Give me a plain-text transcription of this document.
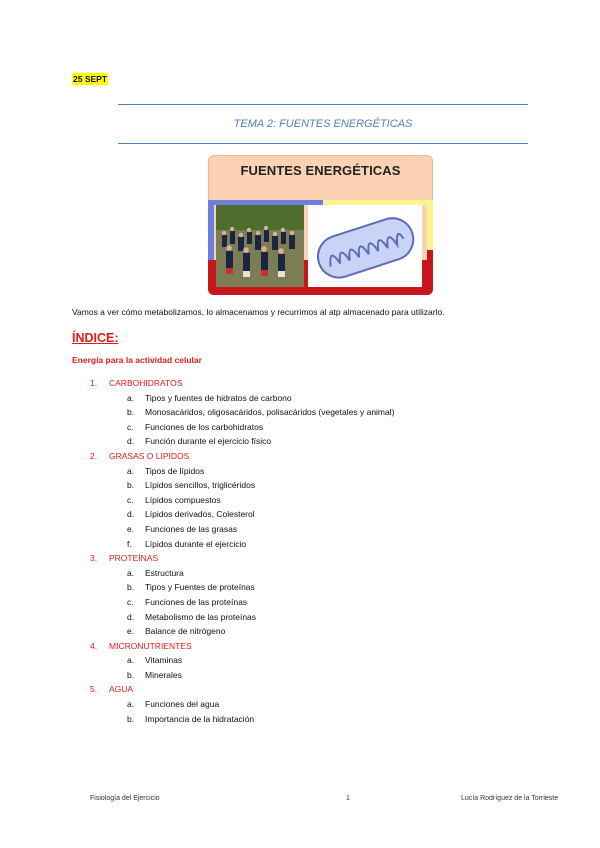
25 SEPT
TEMA 2: FUENTES ENERGÉTICAS
FUENTES ENERGÉTICAS
Vamos a ver cómo metabolizamos, lo almacenamos y recurrimos al atp almacenado para utilizarlo.
ÍNDICE:
Energía para la actividad celular
1. CARBOHIDRATOS
a. Tipos y fuentes de hidratos de carbono
b. Monosacáridos, oligosacáridos, polisacáridos (vegetales y animal)
c. Funciones de los carbohidratos
d. Función durante el ejercicio físico
2. GRASAS O LIPIDOS
a. Tipos de lípidos
b. Lípidos sencillos, triglicéridos
c. Lípidos compuestos
d. Lípidos derivados, Colesterol
e. Funciones de las grasas
f. Lípidos durante el ejercicio
3. PROTEÍNAS
a. Estructura
b. Tipos y Fuentes de proteínas
c. Funciones de las proteínas
d. Metabolismo de las proteínas
e. Balance de nitrógeno
4. MICRONUTRIENTES
a. Vitaminas
b. Minerales
5. AGUA
a. Funciones del agua
b. Importancia de la hidratación
Fisiología del Ejercicio	1	Lucía Rodríguez de la Torrieste
